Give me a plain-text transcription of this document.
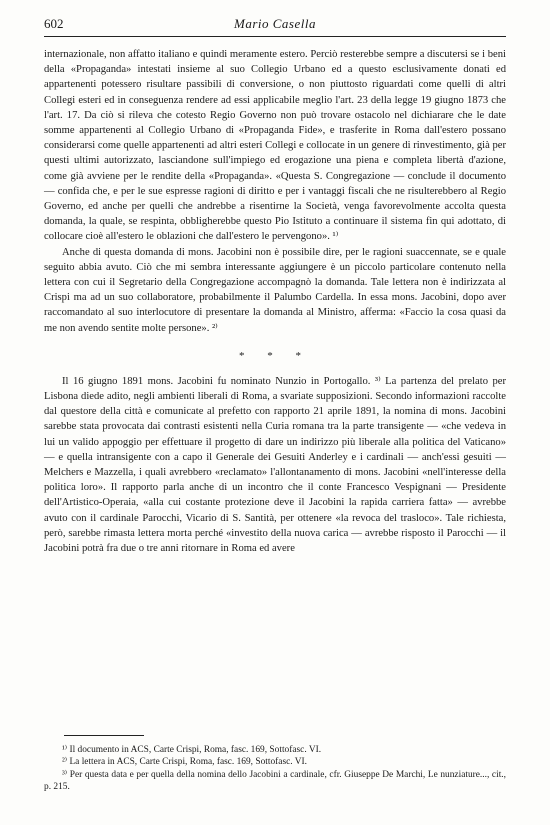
602	Mario Casella

internazionale, non affatto italiano e quindi meramente estero. Perciò resterebbe sempre a discutersi se i beni della «Propaganda» intestati insieme al suo Collegio Urbano ed a questo esclusivamente donati ed appartenenti potessero risultare passibili di conversione, o non piuttosto riguardati come quelli di altri Collegi esteri ed in conseguenza rendere ad essi applicabile meglio l'art. 23 della legge 19 giugno 1873 che l'art. 17. Da ciò si rileva che cotesto Regio Governo non può trovare ostacolo nel dichiarare che le date somme appartenenti al Collegio Urbano di «Propaganda Fide», e trasferite in Roma dall'estero possano considerarsi come quelle appartenenti ad altri esteri Collegi e collocate in un genere di rinvestimento, già per questi ultimi autorizzato, lasciandone sull'impiego ed erogazione una piena e completa libertà d'azione, come già avviene per le rendite della «Propaganda». «Questa S. Congregazione — conclude il documento — confida che, e per le sue espresse ragioni di diritto e per i vantaggi fiscali che ne risulterebbero al Regio Governo, ed anche per quelli che andrebbe a risentirne la Società, venga favorevolmente accolta questa domanda, la quale, se respinta, obbligherebbe questo Pio Istituto a continuare il sistema fin qui adottato, di collocare cioè all'estero le oblazioni che dall'estero le pervengono». ¹⁾

Anche di questa domanda di mons. Jacobini non è possibile dire, per le ragioni suaccennate, se e quale seguito abbia avuto. Ciò che mi sembra interessante aggiungere è un piccolo particolare contenuto nella lettera con cui il Segretario della Congregazione accompagnò la domanda. Tale lettera non è indirizzata al Crispi ma ad un suo collaboratore, probabilmente il Palumbo Cardella. In essa mons. Jacobini, dopo aver raccomandato al suo interlocutore di presentare la domanda al Ministro, afferma: «Faccio la cosa quasi da me non avendo sentite molte persone». ²⁾

* * *

Il 16 giugno 1891 mons. Jacobini fu nominato Nunzio in Portogallo. ³⁾ La partenza del prelato per Lisbona diede adito, negli ambienti liberali di Roma, a svariate supposizioni. Secondo informazioni raccolte dal questore della città e comunicate al prefetto con rapporto 21 aprile 1891, la nomina di mons. Jacobini sarebbe stata provocata dai contrasti esistenti nella Curia romana tra la parte transigente — «che vedeva in lui un valido appoggio per effettuare il progetto di dare un indirizzo più liberale alla politica del Vaticano» — e quella intransigente con a capo il Generale dei Gesuiti Anderley e i cardinali — anch'essi gesuiti — Melchers e Mazzella, i quali avrebbero «reclamato» l'allontanamento di mons. Jacobini «nell'interesse della politica loro». Il rapporto parla anche di un incontro che il conte Francesco Vespignani — Presidente dell'Artistico-Operaia, «alla cui costante protezione deve il Jacobini la rapida carriera fatta» — avrebbe avuto con il cardinale Parocchi, Vicario di S. Santità, per ottenere «la revoca del trasloco». Tale richiesta, però, sarebbe rimasta lettera morta perché «investito della nuova carica — avrebbe risposto il Parocchi — il Jacobini potrà fra due o tre anni ritornare in Roma ed avere

¹⁾ Il documento in ACS, Carte Crispi, Roma, fasc. 169, Sottofasc. VI.

²⁾ La lettera in ACS, Carte Crispi, Roma, fasc. 169, Sottofasc. VI.

³⁾ Per questa data e per quella della nomina dello Jacobini a cardinale, cfr. Giuseppe De Marchi, Le nunziature..., cit., p. 215.
